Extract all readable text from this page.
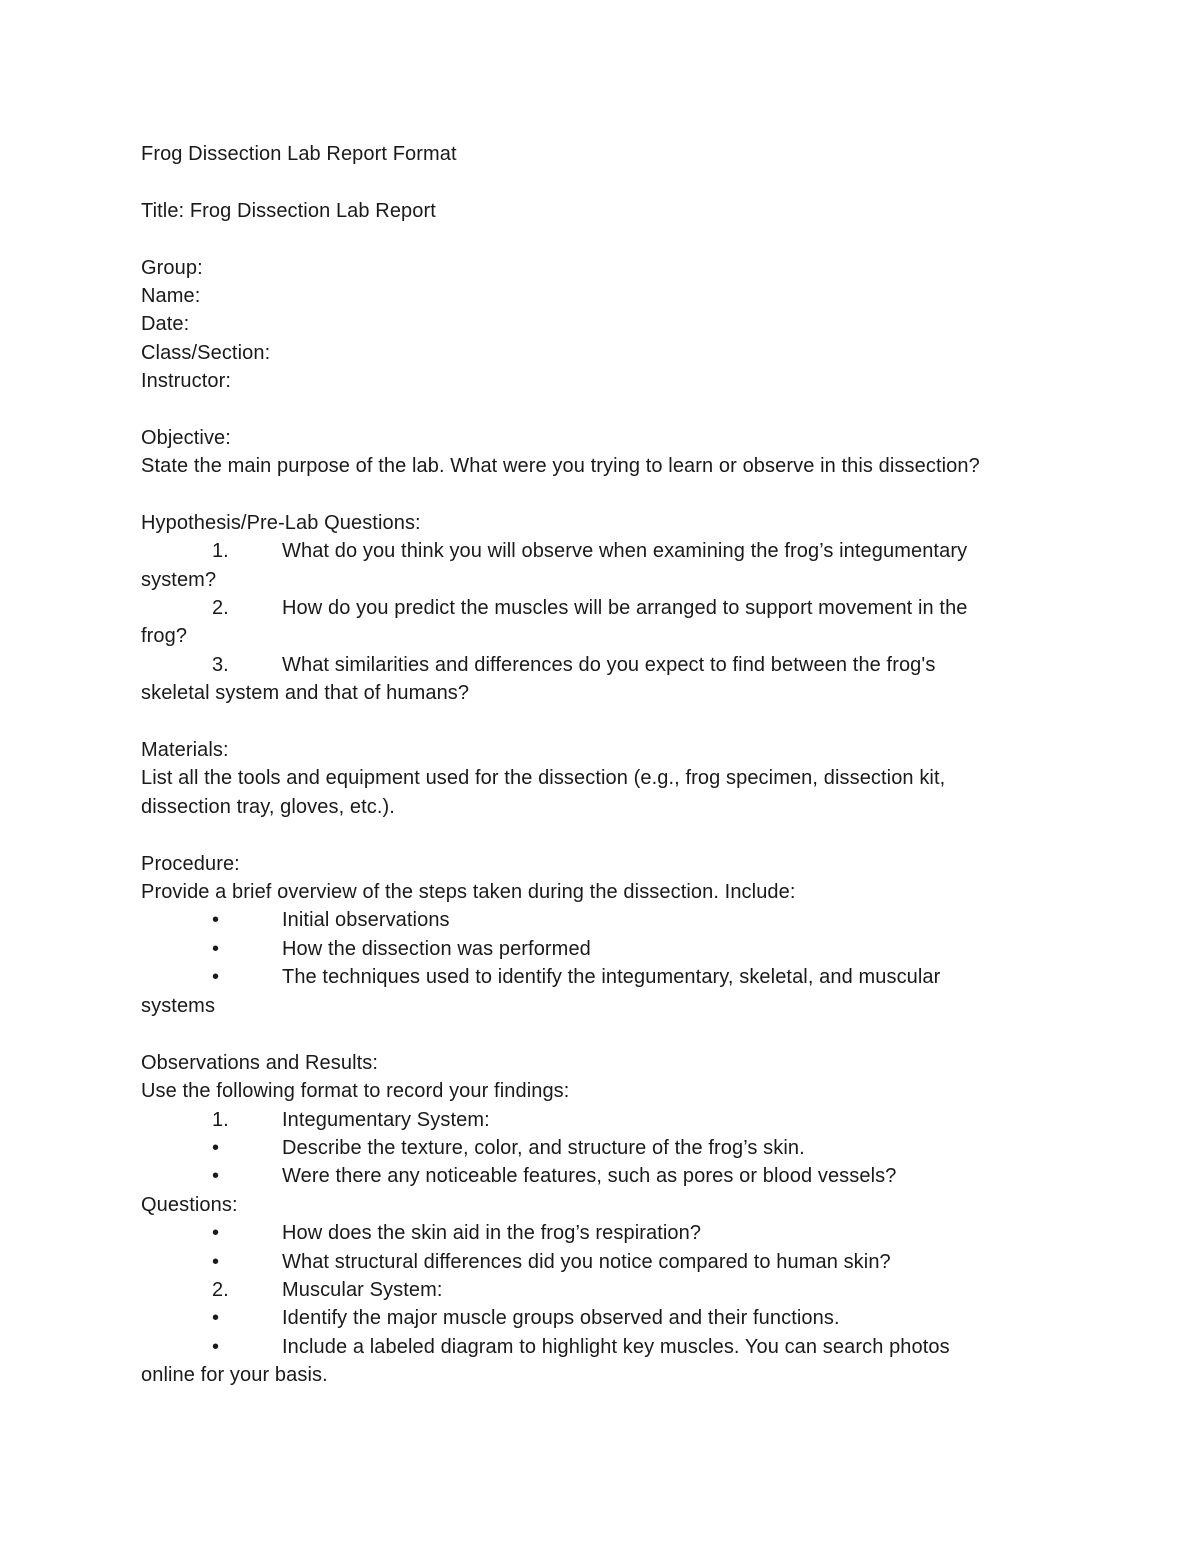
Frog Dissection Lab Report Format
Title: Frog Dissection Lab Report
Group:
Name:
Date:
Class/Section:
Instructor:
Objective:
State the main purpose of the lab. What were you trying to learn or observe in this dissection?
Hypothesis/Pre-Lab Questions:
1.	What do you think you will observe when examining the frog’s integumentary
system?
2.	How do you predict the muscles will be arranged to support movement in the
frog?
3.	What similarities and differences do you expect to find between the frog's
skeletal system and that of humans?
Materials:
List all the tools and equipment used for the dissection (e.g., frog specimen, dissection kit,
dissection tray, gloves, etc.).
Procedure:
Provide a brief overview of the steps taken during the dissection. Include:
•	Initial observations
•	How the dissection was performed
•	The techniques used to identify the integumentary, skeletal, and muscular
systems
Observations and Results:
Use the following format to record your findings:
1.	Integumentary System:
•	Describe the texture, color, and structure of the frog’s skin.
•	Were there any noticeable features, such as pores or blood vessels?
Questions:
•	How does the skin aid in the frog’s respiration?
•	What structural differences did you notice compared to human skin?
2.	Muscular System:
•	Identify the major muscle groups observed and their functions.
•	Include a labeled diagram to highlight key muscles. You can search photos
online for your basis.
